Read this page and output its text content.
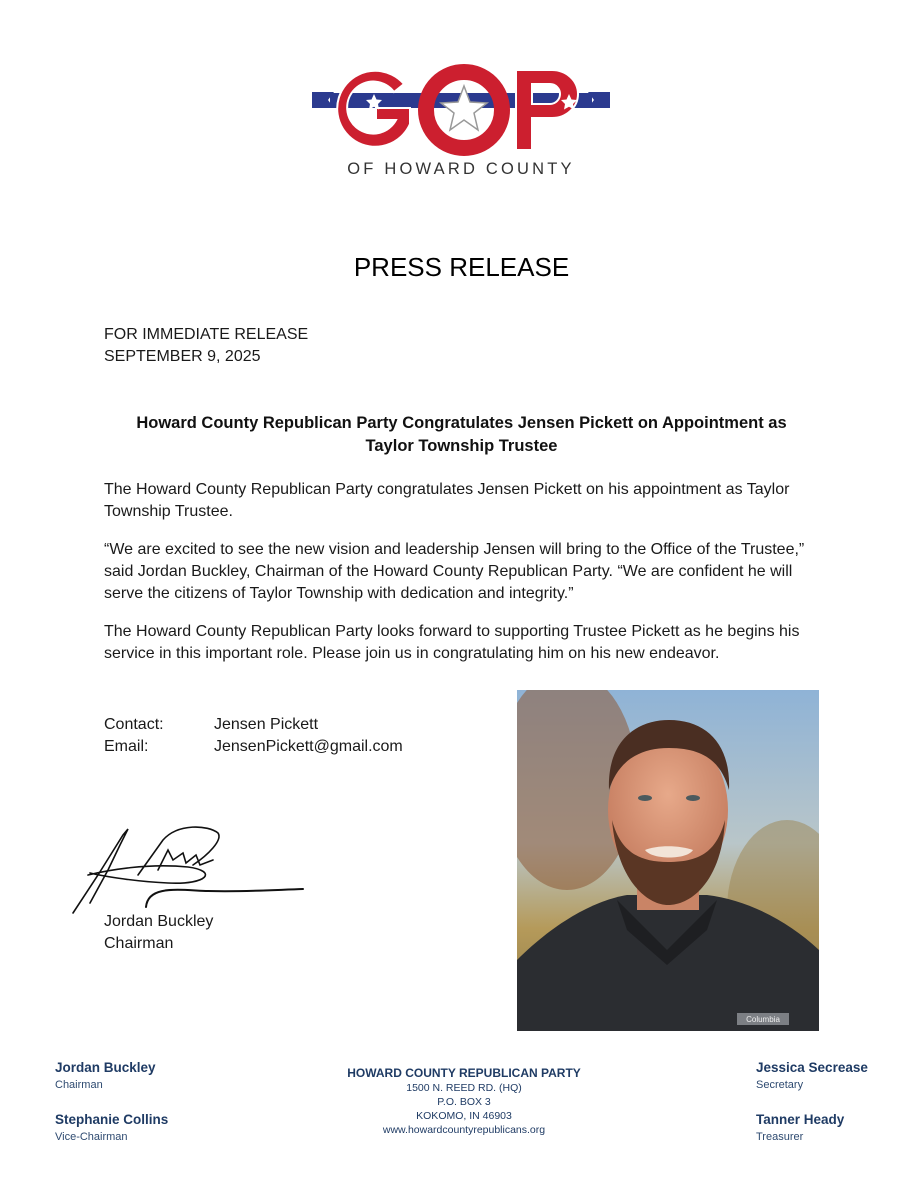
OF HOWARD COUNTY
PRESS RELEASE
FOR IMMEDIATE RELEASE
SEPTEMBER 9, 2025
Howard County Republican Party Congratulates Jensen Pickett on Appointment as
Taylor Township Trustee

The Howard County Republican Party congratulates Jensen Pickett on his appointment as Taylor Township Trustee.

“We are excited to see the new vision and leadership Jensen will bring to the Office of the Trustee,” said Jordan Buckley, Chairman of the Howard County Republican Party. “We are confident he will serve the citizens of Taylor Township with dedication and integrity.”

The Howard County Republican Party looks forward to supporting Trustee Pickett as he begins his service in this important role. Please join us in congratulating him on his new endeavor.

Contact:	Jensen Pickett
Email:	JensenPickett@gmail.com
Jordan Buckley
Chairman
Columbia
Jordan Buckley
Chairman
Stephanie Collins
Vice-Chairman
HOWARD COUNTY REPUBLICAN PARTY
1500 N. REED RD. (HQ)
P.O. BOX 3
KOKOMO, IN 46903
www.howardcountyrepublicans.org
Jessica Secrease
Secretary
Tanner Heady
Treasurer
